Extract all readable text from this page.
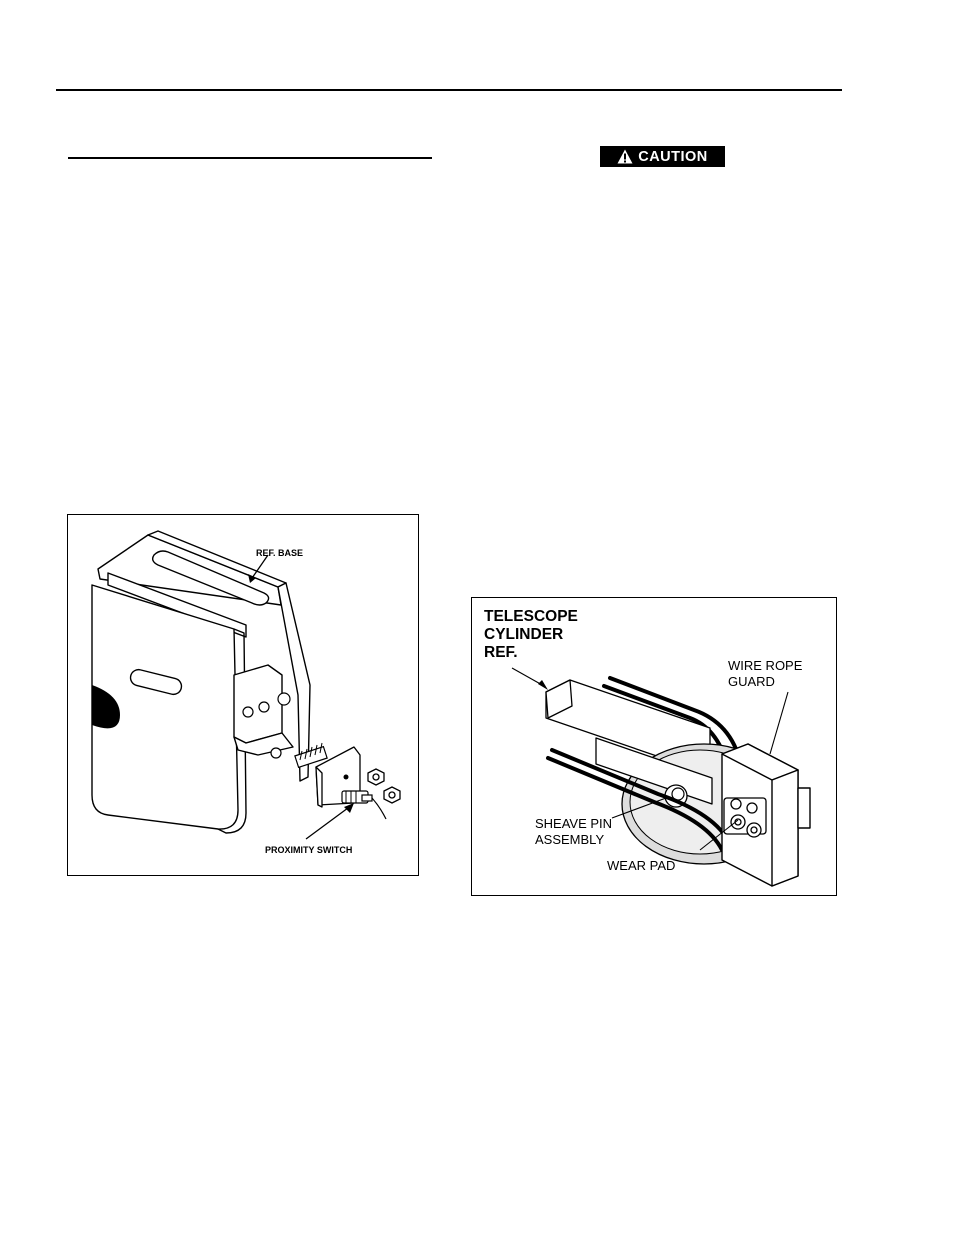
CAUTION
REF. BASE
PROXIMITY SWITCH
TELESCOPE
CYLINDER
REF.
WIRE ROPE
GUARD
SHEAVE PIN
ASSEMBLY
WEAR PAD
